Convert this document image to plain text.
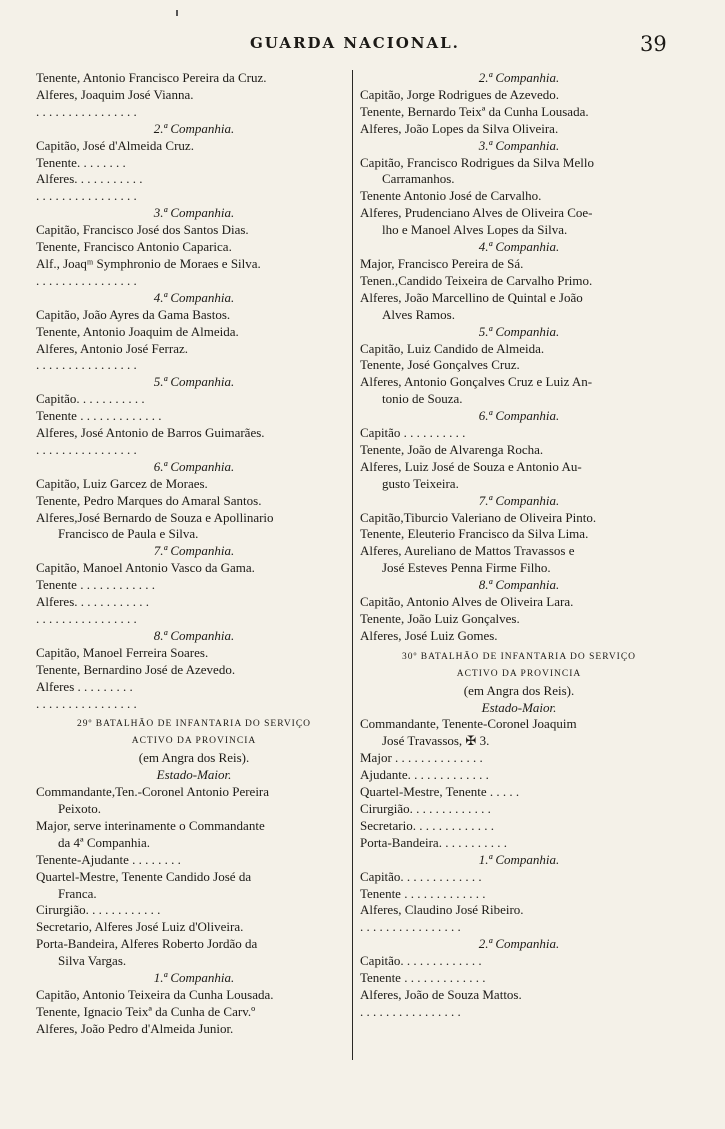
GUARDA NACIONAL.	39
Tenente, Antonio Francisco Pereira da Cruz.
Alferes, Joaquim José Vianna.
. . . . . . . . . . . . . . . .
2.ª Companhia.
Capitão, José d'Almeida Cruz.
Tenente. . . . . . . .
Alferes. . . . . . . . . . .
. . . . . . . . . . . . . . . .
3.ª Companhia.
Capitão, Francisco José dos Santos Dias.
Tenente, Francisco Antonio Caparica.
Alf., Joaqᵐ Symphronio de Moraes e Silva.
. . . . . . . . . . . . . . . .
4.ª Companhia.
Capitão, João Ayres da Gama Bastos.
Tenente, Antonio Joaquim de Almeida.
Alferes, Antonio José Ferraz.
. . . . . . . . . . . . . . . .
5.ª Companhia.
Capitão. . . . . . . . . . .
Tenente . . . . . . . . . . . . .
Alferes, José Antonio de Barros Guimarães.
. . . . . . . . . . . . . . . .
6.ª Companhia.
Capitão, Luiz Garcez de Moraes.
Tenente, Pedro Marques do Amaral Santos.
Alferes,José Bernardo de Souza e Apollinario
Francisco de Paula e Silva.
7.ª Companhia.
Capitão, Manoel Antonio Vasco da Gama.
Tenente . . . . . . . . . . . .
Alferes. . . . . . . . . . . .
. . . . . . . . . . . . . . . .
8.ª Companhia.
Capitão, Manoel Ferreira Soares.
Tenente, Bernardino José de Azevedo.
Alferes . . . . . . . . .
. . . . . . . . . . . . . . . .
29º BATALHÃO DE INFANTARIA DO SERVIÇO
ACTIVO DA PROVINCIA
(em Angra dos Reis).
Estado-Maior.
Commandante,Ten.-Coronel Antonio Pereira
Peixoto.
Major, serve interinamente o Commandante
da 4ª Companhia.
Tenente-Ajudante . . . . . . . .
Quartel-Mestre, Tenente Candido José da
Franca.
Cirurgião. . . . . . . . . . . .
Secretario, Alferes José Luiz d'Oliveira.
Porta-Bandeira, Alferes Roberto Jordão da
Silva Vargas.
1.ª Companhia.
Capitão, Antonio Teixeira da Cunha Lousada.
Tenente, Ignacio Teixª da Cunha de Carv.º
Alferes, João Pedro d'Almeida Junior.
2.ª Companhia.
Capitão, Jorge Rodrigues de Azevedo.
Tenente, Bernardo Teixª da Cunha Lousada.
Alferes, João Lopes da Silva Oliveira.
3.ª Companhia.
Capitão, Francisco Rodrigues da Silva Mello
Carramanhos.
Tenente Antonio José de Carvalho.
Alferes, Prudenciano Alves de Oliveira Coe-
lho e Manoel Alves Lopes da Silva.
4.ª Companhia.
Major, Francisco Pereira de Sá.
Tenen.,Candido Teixeira de Carvalho Primo.
Alferes, João Marcellino de Quintal e João
Alves Ramos.
5.ª Companhia.
Capitão, Luiz Candido de Almeida.
Tenente, José Gonçalves Cruz.
Alferes, Antonio Gonçalves Cruz e Luiz An-
tonio de Souza.
6.ª Companhia.
Capitão . . . . . . . . . .
Tenente, João de Alvarenga Rocha.
Alferes, Luiz José de Souza e Antonio Au-
gusto Teixeira.
7.ª Companhia.
Capitão,Tiburcio Valeriano de Oliveira Pinto.
Tenente, Eleuterio Francisco da Silva Lima.
Alferes, Aureliano de Mattos Travassos e
José Esteves Penna Firme Filho.
8.ª Companhia.
Capitão, Antonio Alves de Oliveira Lara.
Tenente, João Luiz Gonçalves.
Alferes, José Luiz Gomes.
30º BATALHÃO DE INFANTARIA DO SERVIÇO
ACTIVO DA PROVINCIA
(em Angra dos Reis).
Estado-Maior.
Commandante, Tenente-Coronel Joaquim
José Travassos, ✠ 3.
Major . . . . . . . . . . . . . .
Ajudante. . . . . . . . . . . . .
Quartel-Mestre, Tenente . . . . .
Cirurgião. . . . . . . . . . . . .
Secretario. . . . . . . . . . . . .
Porta-Bandeira. . . . . . . . . . .
1.ª Companhia.
Capitão. . . . . . . . . . . . .
Tenente . . . . . . . . . . . . .
Alferes, Claudino José Ribeiro.
. . . . . . . . . . . . . . . .
2.ª Companhia.
Capitão. . . . . . . . . . . . .
Tenente . . . . . . . . . . . . .
Alferes, João de Souza Mattos.
. . . . . . . . . . . . . . . .
